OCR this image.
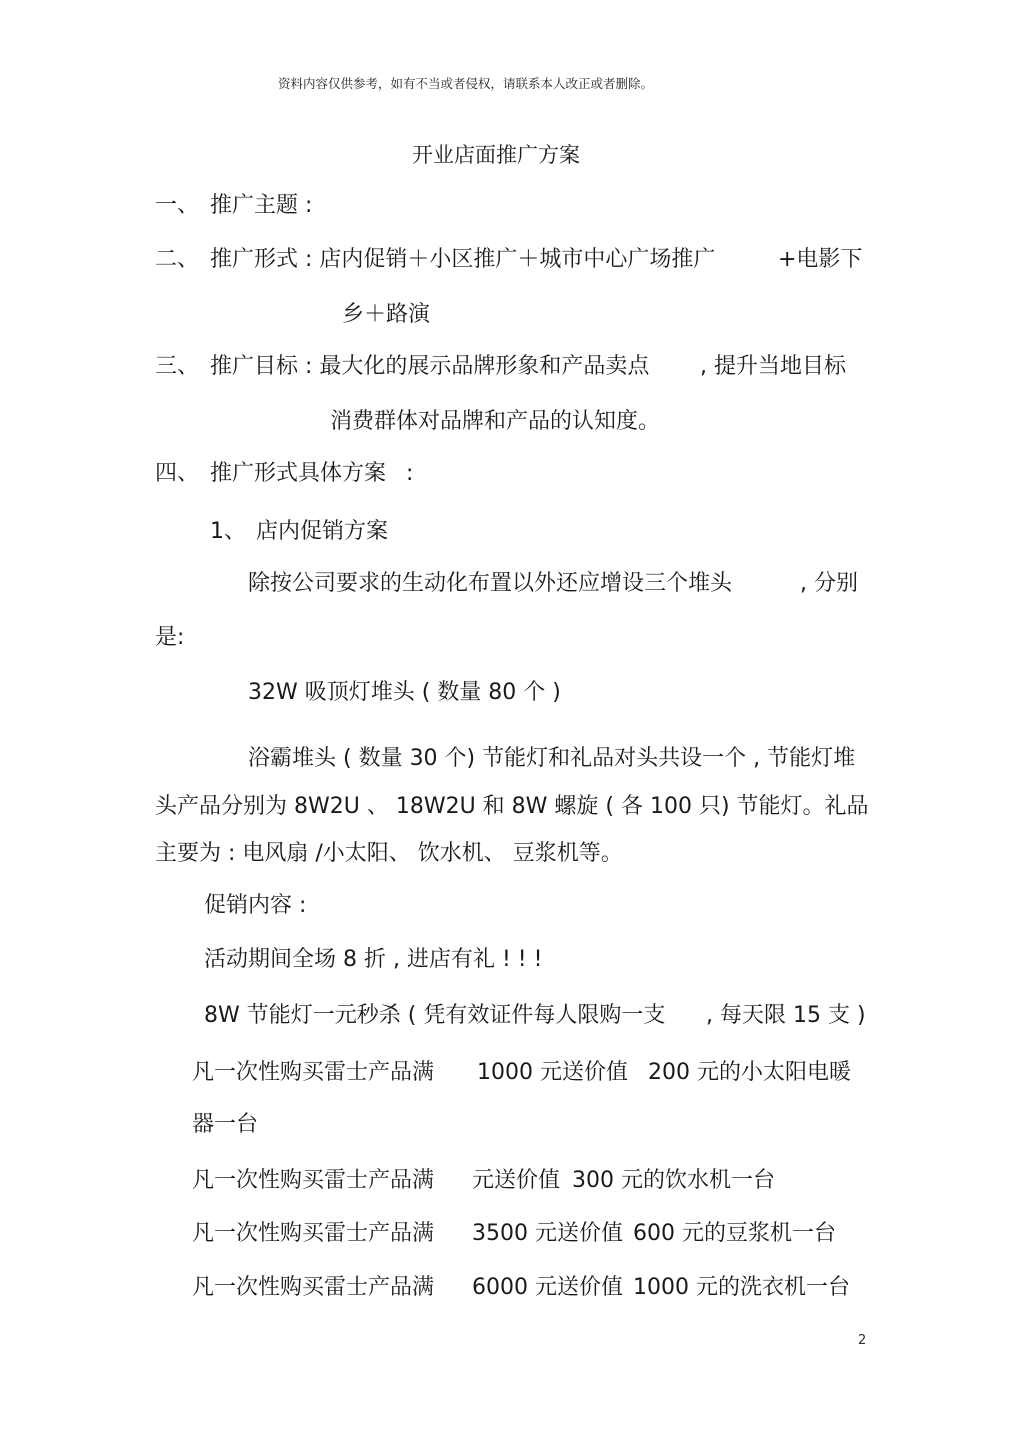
资料内容仅供参考，如有不当或者侵权，请联系本人改正或者删除。
开业店面推广方案
一、 推广主题 :
二、 推广形式 : 店内促销＋小区推广＋城市中心广场推广	+电影下
乡＋路演
三、 推广目标 : 最大化的展示品牌形象和产品卖点 , 提升当地目标
消费群体对品牌和产品的认知度。
四、 推广形式具体方案 :
1、 店内促销方案
除按公司要求的生动化布置以外还应增设三个堆头	, 分别
是:
32W 吸顶灯堆头 ( 数量 80 个 )
浴霸堆头 ( 数量 30 个) 节能灯和礼品对头共设一个 , 节能灯堆
头产品分别为 8W2U 、 18W2U 和 8W 螺旋 ( 各 100 只) 节能灯。礼品
主要为 : 电风扇 /小太阳、 饮水机、 豆浆机等。
促销内容 :
活动期间全场 8 折 , 进店有礼 ! ! !
8W 节能灯一元秒杀 ( 凭有效证件每人限购一支 , 每天限 15 支 )
凡一次性购买雷士产品满 1000 元送价值 200 元的小太阳电暖
器一台
凡一次性购买雷士产品满 元送价值 300 元的饮水机一台
凡一次性购买雷士产品满 3500 元送价值 600 元的豆浆机一台
凡一次性购买雷士产品满 6000 元送价值 1000 元的洗衣机一台
2
